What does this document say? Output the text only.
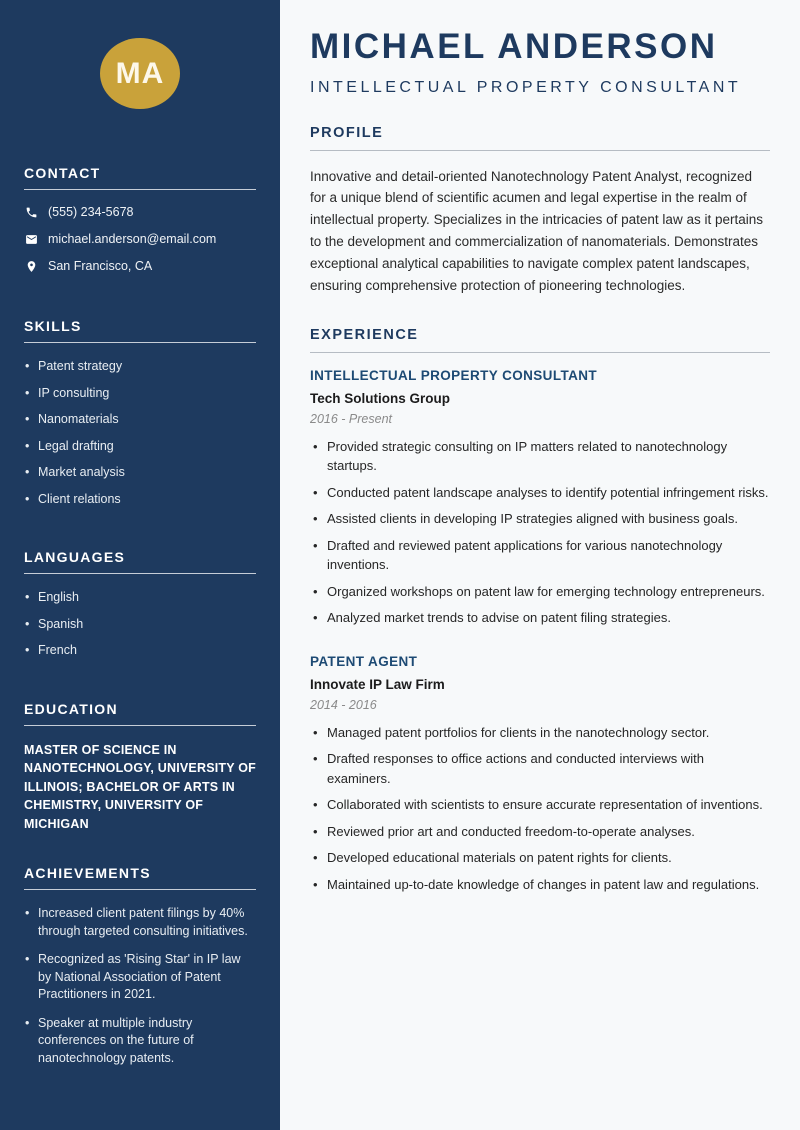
MA
CONTACT
(555) 234-5678
michael.anderson@email.com
San Francisco, CA
SKILLS
• Patent strategy
• IP consulting
• Nanomaterials
• Legal drafting
• Market analysis
• Client relations
LANGUAGES
• English
• Spanish
• French
EDUCATION

MASTER OF SCIENCE IN NANOTECHNOLOGY, UNIVERSITY OF ILLINOIS; BACHELOR OF ARTS IN CHEMISTRY, UNIVERSITY OF MICHIGAN

ACHIEVEMENTS
• Increased client patent filings by 40% through targeted consulting initiatives.
• Recognized as 'Rising Star' in IP law by National Association of Patent Practitioners in 2021.
• Speaker at multiple industry conferences on the future of nanotechnology patents.
MICHAEL ANDERSON
INTELLECTUAL PROPERTY CONSULTANT
PROFILE

Innovative and detail-oriented Nanotechnology Patent Analyst, recognized for a unique blend of scientific acumen and legal expertise in the realm of intellectual property. Specializes in the intricacies of patent law as it pertains to the development and commercialization of nanomaterials. Demonstrates exceptional analytical capabilities to navigate complex patent landscapes, ensuring comprehensive protection of pioneering technologies.

EXPERIENCE
INTELLECTUAL PROPERTY CONSULTANT
Tech Solutions Group
2016 - Present
• Provided strategic consulting on IP matters related to nanotechnology startups.
• Conducted patent landscape analyses to identify potential infringement risks.
• Assisted clients in developing IP strategies aligned with business goals.
• Drafted and reviewed patent applications for various nanotechnology inventions.
• Organized workshops on patent law for emerging technology entrepreneurs.
• Analyzed market trends to advise on patent filing strategies.
PATENT AGENT
Innovate IP Law Firm
2014 - 2016
• Managed patent portfolios for clients in the nanotechnology sector.
• Drafted responses to office actions and conducted interviews with examiners.
• Collaborated with scientists to ensure accurate representation of inventions.
• Reviewed prior art and conducted freedom-to-operate analyses.
• Developed educational materials on patent rights for clients.
• Maintained up-to-date knowledge of changes in patent law and regulations.
